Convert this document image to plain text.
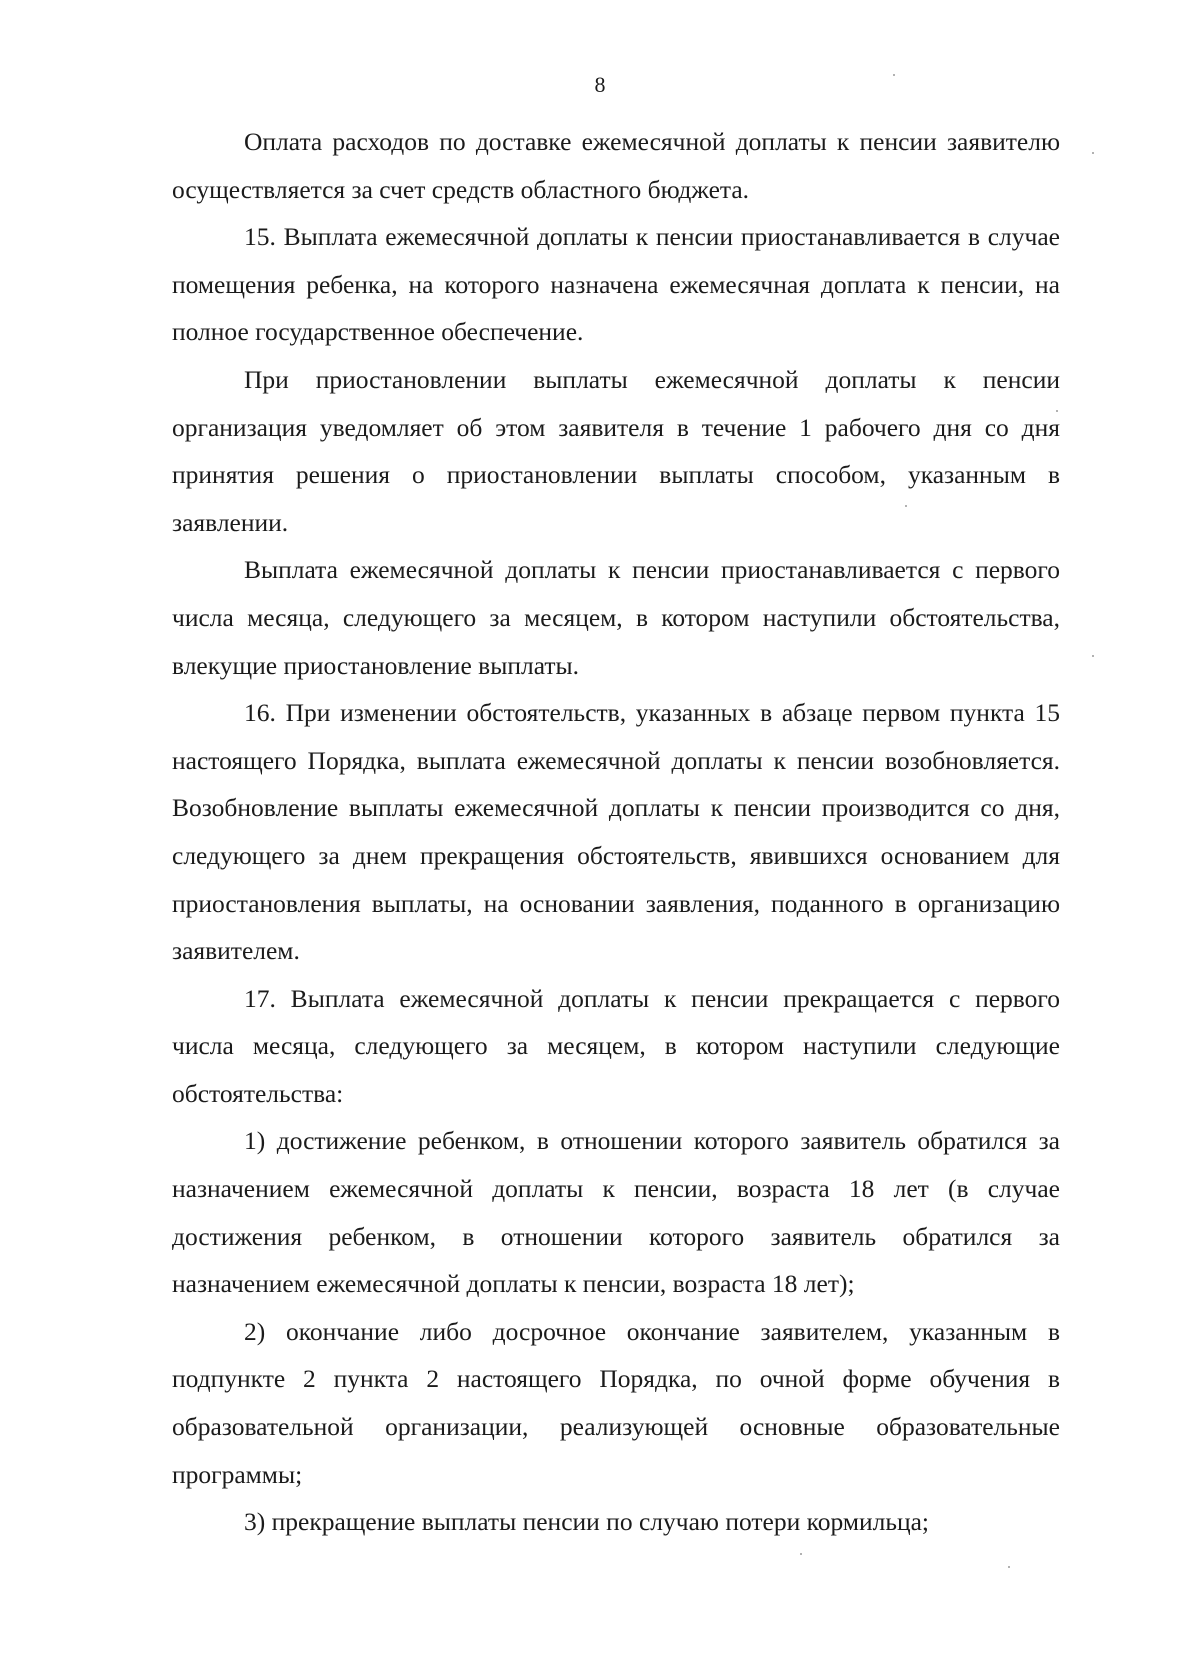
8

Оплата расходов по доставке ежемесячной доплаты к пенсии заявителю осуществляется за счет средств областного бюджета.

15. Выплата ежемесячной доплаты к пенсии приостанавливается в случае помещения ребенка, на которого назначена ежемесячная доплата к пенсии, на полное государственное обеспечение.

При приостановлении выплаты ежемесячной доплаты к пенсии организация уведомляет об этом заявителя в течение 1 рабочего дня со дня принятия решения о приостановлении выплаты способом, указанным в заявлении.

Выплата ежемесячной доплаты к пенсии приостанавливается с первого числа месяца, следующего за месяцем, в котором наступили обстоятельства, влекущие приостановление выплаты.

16. При изменении обстоятельств, указанных в абзаце первом пункта 15 настоящего Порядка, выплата ежемесячной доплаты к пенсии возобновляется. Возобновление выплаты ежемесячной доплаты к пенсии производится со дня, следующего за днем прекращения обстоятельств, явившихся основанием для приостановления выплаты, на основании заявления, поданного в организацию заявителем.

17. Выплата ежемесячной доплаты к пенсии прекращается с первого числа месяца, следующего за месяцем, в котором наступили следующие обстоятельства:

1) достижение ребенком, в отношении которого заявитель обратился за назначением ежемесячной доплаты к пенсии, возраста 18 лет (в случае достижения ребенком, в отношении которого заявитель обратился за назначением ежемесячной доплаты к пенсии, возраста 18 лет);

2) окончание либо досрочное окончание заявителем, указанным в подпункте 2 пункта 2 настоящего Порядка, по очной форме обучения в образовательной организации, реализующей основные образовательные программы;

3) прекращение выплаты пенсии по случаю потери кормильца;
